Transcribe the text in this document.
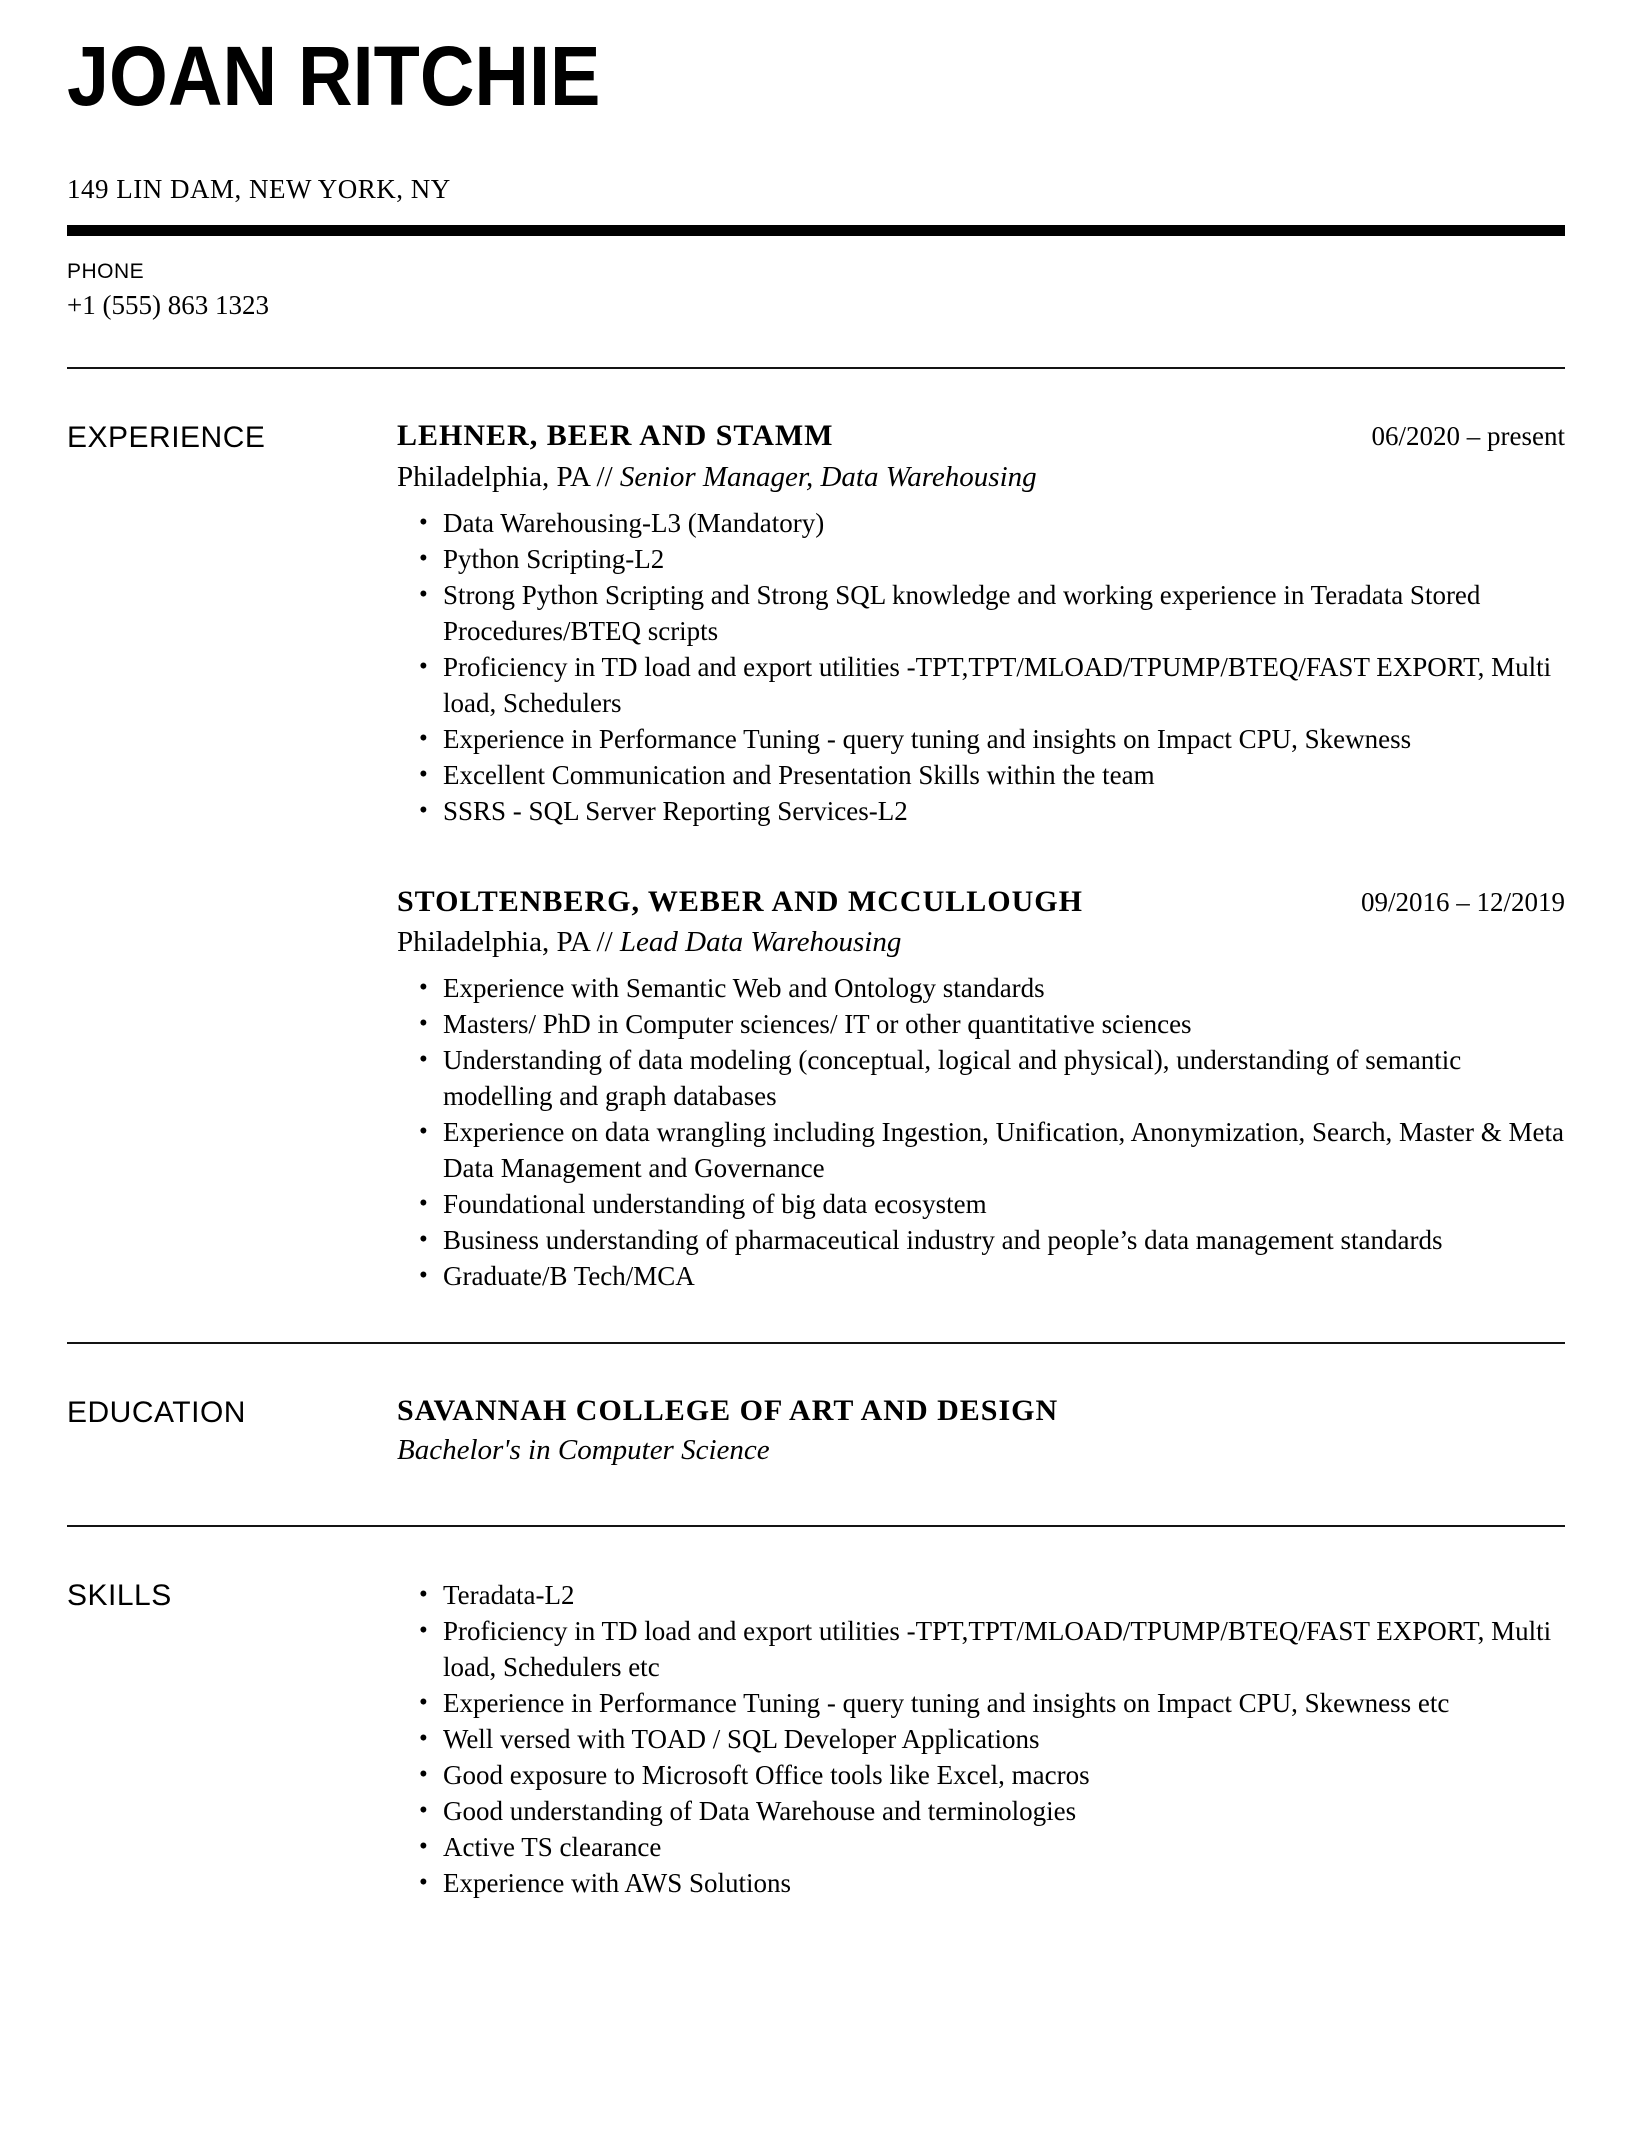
JOAN RITCHIE
149 LIN DAM, NEW YORK, NY
PHONE
+1 (555) 863 1323
EXPERIENCE	LEHNER, BEER AND STAMM	06/2020 – present
Philadelphia, PA // Senior Manager, Data Warehousing
• Data Warehousing-L3 (Mandatory)
• Python Scripting-L2
• Strong Python Scripting and Strong SQL knowledge and working experience in Teradata Stored Procedures/BTEQ scripts
• Proficiency in TD load and export utilities -TPT,TPT/MLOAD/TPUMP/BTEQ/FAST EXPORT, Multi load, Schedulers
• Experience in Performance Tuning - query tuning and insights on Impact CPU, Skewness
• Excellent Communication and Presentation Skills within the team
• SSRS - SQL Server Reporting Services-L2
STOLTENBERG, WEBER AND MCCULLOUGH	09/2016 – 12/2019
Philadelphia, PA // Lead Data Warehousing
• Experience with Semantic Web and Ontology standards
• Masters/ PhD in Computer sciences/ IT or other quantitative sciences
• Understanding of data modeling (conceptual, logical and physical), understanding of semantic modelling and graph databases
• Experience on data wrangling including Ingestion, Unification, Anonymization, Search, Master & Meta Data Management and Governance
• Foundational understanding of big data ecosystem
• Business understanding of pharmaceutical industry and people’s data management standards
• Graduate/B Tech/MCA
EDUCATION	SAVANNAH COLLEGE OF ART AND DESIGN
Bachelor's in Computer Science
SKILLS	• Teradata-L2
• Proficiency in TD load and export utilities -TPT,TPT/MLOAD/TPUMP/BTEQ/FAST EXPORT, Multi load, Schedulers etc
• Experience in Performance Tuning - query tuning and insights on Impact CPU, Skewness etc
• Well versed with TOAD / SQL Developer Applications
• Good exposure to Microsoft Office tools like Excel, macros
• Good understanding of Data Warehouse and terminologies
• Active TS clearance
• Experience with AWS Solutions
